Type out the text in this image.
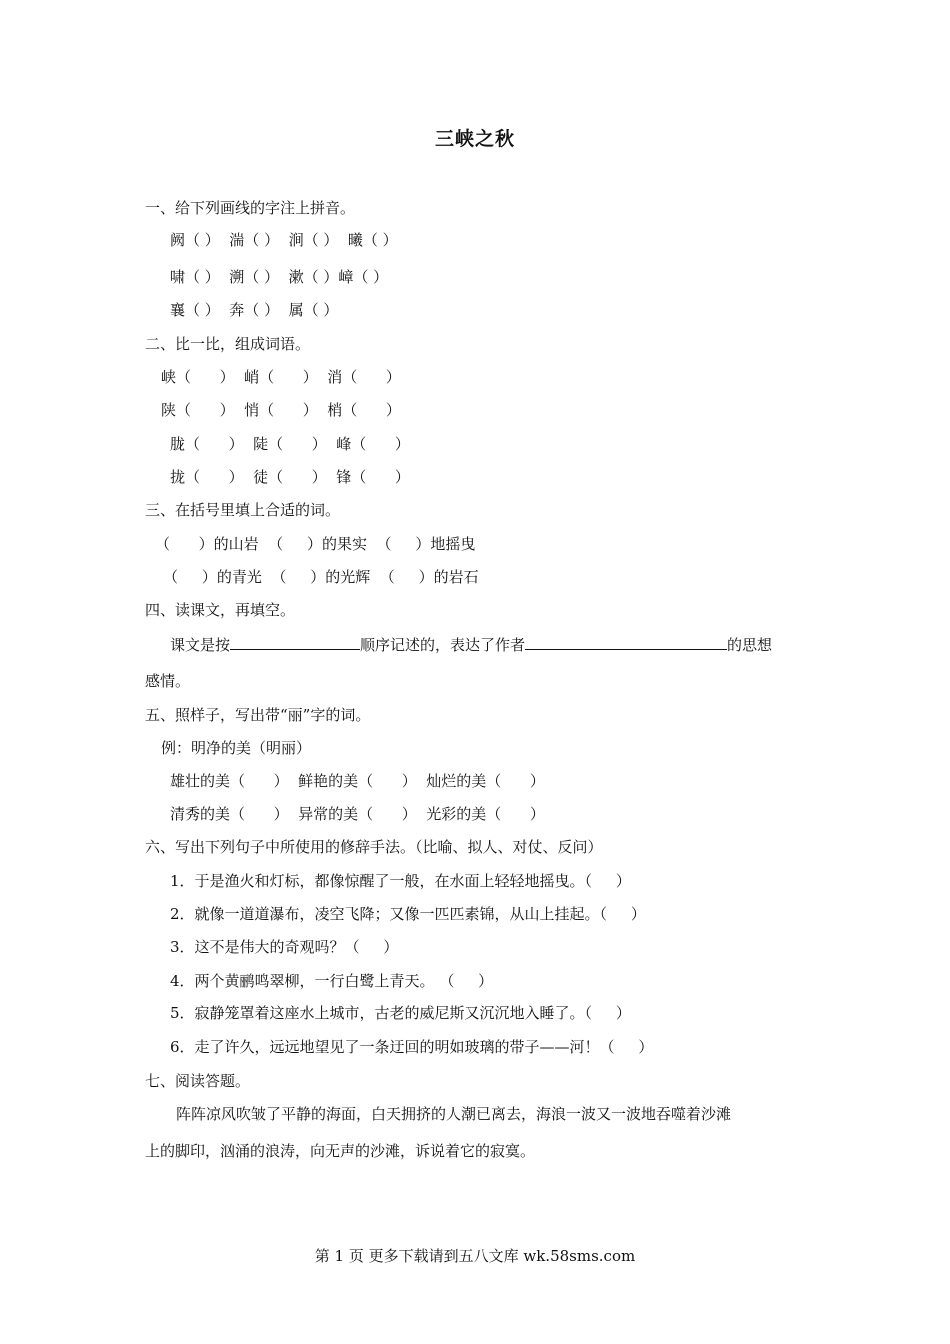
三峡之秋
一、给下列画线的字注上拼音。
阙（ ）  湍（ ）  涧（ ）  曦（ ）
啸（ ）  溯（ ）  漱（ ）嶂（ ）
襄（ ）  奔（ ）  属（ ）
二、比一比，组成词语。
峡（      ）  峭（      ）  消（      ）
陕（      ）  悄（      ）  梢（      ）
胧（      ）  陡（      ）  峰（      ）
拢（      ）  徒（      ）  锋（      ）
三、在括号里填上合适的词。
（      ）的山岩  （     ）的果实  （     ）地摇曳
（     ）的青光  （     ）的光辉  （     ）的岩石
四、读课文，再填空。
课文是按	顺序记述的，表达了作者	的思想
感情。
五、照样子，写出带“丽”字的词。
例：明净的美（明丽）
雄壮的美（      ）  鲜艳的美（      ）  灿烂的美（      ）
清秀的美（      ）  异常的美（      ）  光彩的美（      ）
六、写出下列句子中所使用的修辞手法。（比喻、拟人、对仗、反问）
1．于是渔火和灯标，都像惊醒了一般，在水面上轻轻地摇曳。（     ）
2．就像一道道瀑布，凌空飞降；又像一匹匹素锦，从山上挂起。（     ）
3．这不是伟大的奇观吗？（     ）
4．两个黄鹂鸣翠柳，一行白鹭上青天。 （     ）
5．寂静笼罩着这座水上城市，古老的威尼斯又沉沉地入睡了。（     ）
6．走了许久，远远地望见了一条迂回的明如玻璃的带子——河！（     ）
七、阅读答题。
阵阵凉风吹皱了平静的海面，白天拥挤的人潮已离去，海浪一波又一波地吞噬着沙滩
上的脚印，汹涌的浪涛，向无声的沙滩，诉说着它的寂寞。
第 1 页 更多下载请到五八文库 wk.58sms.com
